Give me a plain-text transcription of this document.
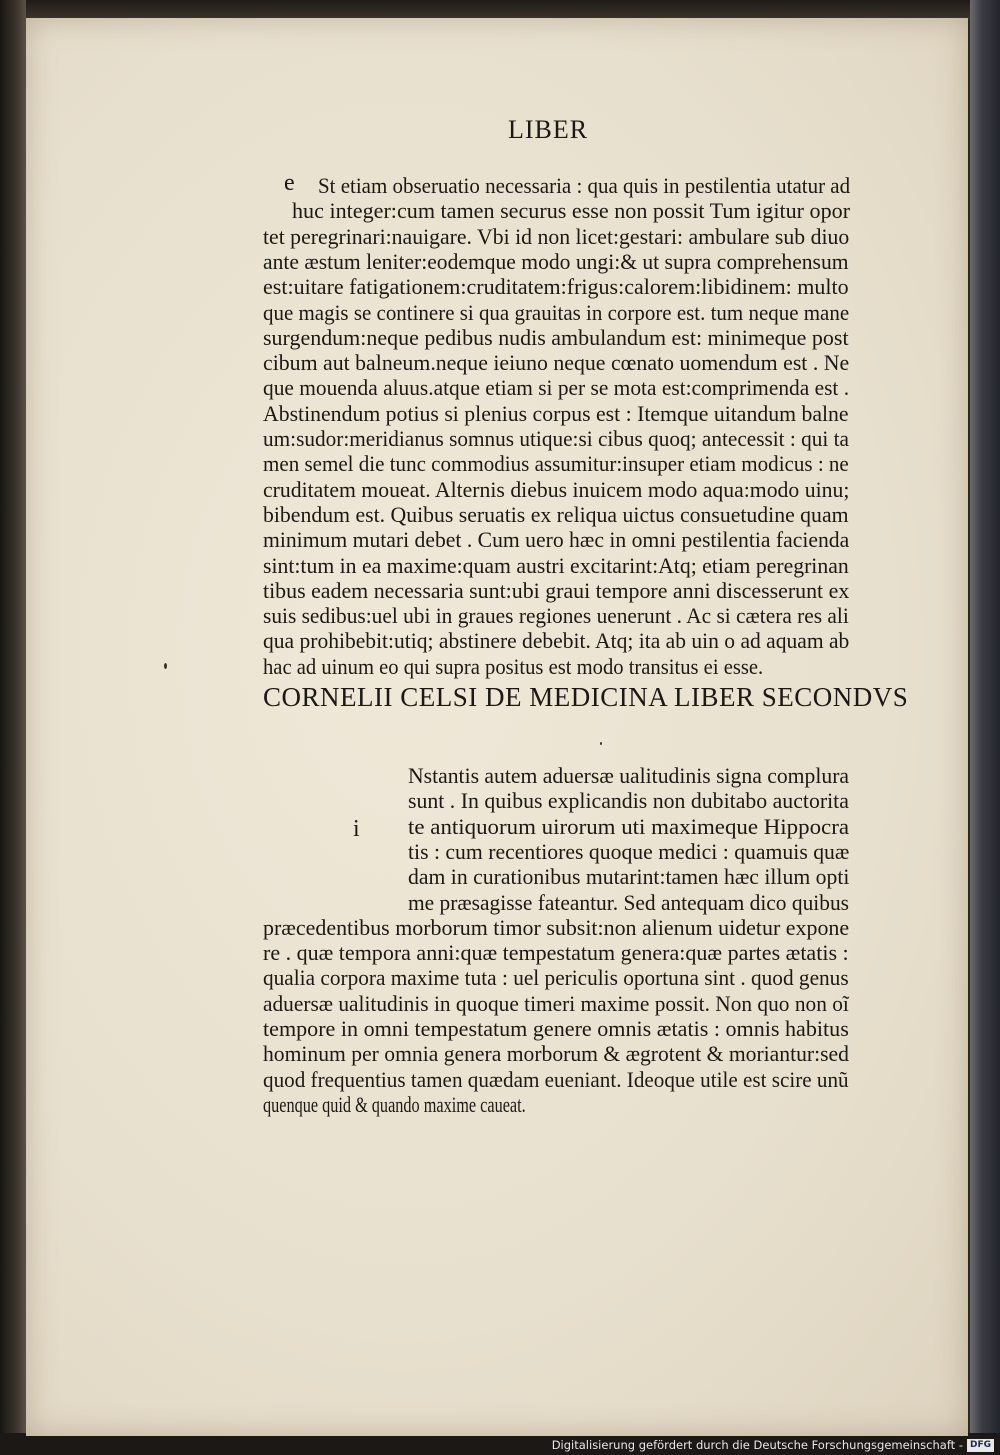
LIBER
e St etiam obseruatio necessaria : qua quis in pestilentia utatur ad
huc integer:cum tamen securus esse non possit Tum igitur opor
tet peregrinari:nauigare. Vbi id non licet:gestari: ambulare sub diuo
ante æstum leniter:eodemque modo ungi:& ut supra comprehensum
est:uitare fatigationem:cruditatem:frigus:calorem:libidinem: multo
que magis se continere si qua grauitas in corpore est. tum neque mane
surgendum:neque pedibus nudis ambulandum est: minimeque post
cibum aut balneum.neque ieiuno neque cœnato uomendum est . Ne
que mouenda aluus.atque etiam si per se mota est:comprimenda est .
Abstinendum potius si plenius corpus est : Itemque uitandum balne
um:sudor:meridianus somnus utique:si cibus quoq; antecessit : qui ta
men semel die tunc commodius assumitur:insuper etiam modicus : ne
cruditatem moueat. Alternis diebus inuicem modo aqua:modo uinu;
bibendum est. Quibus seruatis ex reliqua uictus consuetudine quam
minimum mutari debet . Cum uero hæc in omni pestilentia facienda
sint:tum in ea maxime:quam austri excitarint:Atq; etiam peregrinan
tibus eadem necessaria sunt:ubi graui tempore anni discesserunt ex
suis sedibus:uel ubi in graues regiones uenerunt . Ac si cætera res ali
qua prohibebit:utiq; abstinere debebit. Atq; ita ab uin o ad aquam ab
hac ad uinum eo qui supra positus est modo transitus ei esse.
CORNELII CELSI DE MEDICINA LIBER SECONDVS
i
Nstantis autem aduersæ ualitudinis signa complura
sunt . In quibus explicandis non dubitabo auctorita
te antiquorum uirorum uti maximeque Hippocra
tis : cum recentiores quoque medici : quamuis quæ
dam in curationibus mutarint:tamen hæc illum opti
me præsagisse fateantur. Sed antequam dico quibus
præcedentibus morborum timor subsit:non alienum uidetur expone
re . quæ tempora anni:quæ tempestatum genera:quæ partes ætatis :
qualia corpora maxime tuta : uel periculis oportuna sint . quod genus
aduersæ ualitudinis in quoque timeri maxime possit. Non quo non oĩ
tempore in omni tempestatum genere omnis ætatis : omnis habitus
hominum per omnia genera morborum & ægrotent & moriantur:sed
quod frequentius tamen quædam eueniant. Ideoque utile est scire unũ
quenque quid & quando maxime caueat.
Digitalisierung gefördert durch die Deutsche Forschungsgemeinschaft - DFG
